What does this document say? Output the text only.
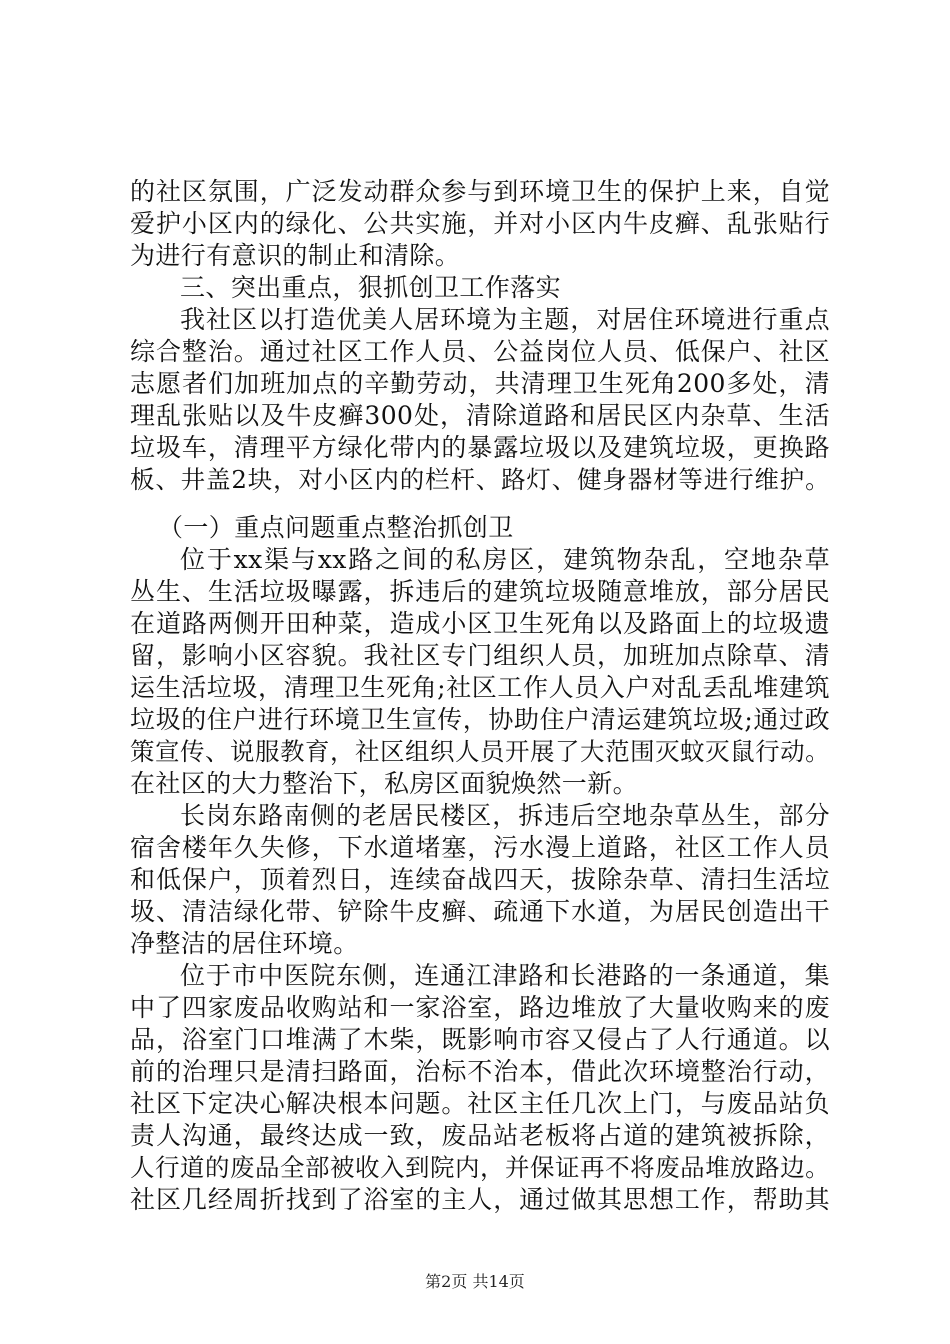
的社区氛围，广泛发动群众参与到环境卫生的保护上来，自觉
爱护小区内的绿化、公共实施，并对小区内牛皮癣、乱张贴行
为进行有意识的制止和清除。
三、突出重点，狠抓创卫工作落实
我社区以打造优美人居环境为主题，对居住环境进行重点
综合整治。通过社区工作人员、公益岗位人员、低保户、社区
志愿者们加班加点的辛勤劳动，共清理卫生死角200多处，清
理乱张贴以及牛皮癣300处，清除道路和居民区内杂草、生活
垃圾车，清理平方绿化带内的暴露垃圾以及建筑垃圾，更换路
板、井盖2块，对小区内的栏杆、路灯、健身器材等进行维护。
（一）重点问题重点整治抓创卫
位于xx渠与xx路之间的私房区，建筑物杂乱，空地杂草
丛生、生活垃圾曝露，拆违后的建筑垃圾随意堆放，部分居民
在道路两侧开田种菜，造成小区卫生死角以及路面上的垃圾遗
留，影响小区容貌。我社区专门组织人员，加班加点除草、清
运生活垃圾，清理卫生死角;社区工作人员入户对乱丢乱堆建筑
垃圾的住户进行环境卫生宣传，协助住户清运建筑垃圾;通过政
策宣传、说服教育，社区组织人员开展了大范围灭蚊灭鼠行动。
在社区的大力整治下，私房区面貌焕然一新。
长岗东路南侧的老居民楼区，拆违后空地杂草丛生，部分
宿舍楼年久失修，下水道堵塞，污水漫上道路，社区工作人员
和低保户，顶着烈日，连续奋战四天，拔除杂草、清扫生活垃
圾、清洁绿化带、铲除牛皮癣、疏通下水道，为居民创造出干
净整洁的居住环境。
位于市中医院东侧，连通江津路和长港路的一条通道，集
中了四家废品收购站和一家浴室，路边堆放了大量收购来的废
品，浴室门口堆满了木柴，既影响市容又侵占了人行通道。以
前的治理只是清扫路面，治标不治本，借此次环境整治行动，
社区下定决心解决根本问题。社区主任几次上门，与废品站负
责人沟通，最终达成一致，废品站老板将占道的建筑被拆除，
人行道的废品全部被收入到院内，并保证再不将废品堆放路边。
社区几经周折找到了浴室的主人，通过做其思想工作，帮助其
第2页 共14页
